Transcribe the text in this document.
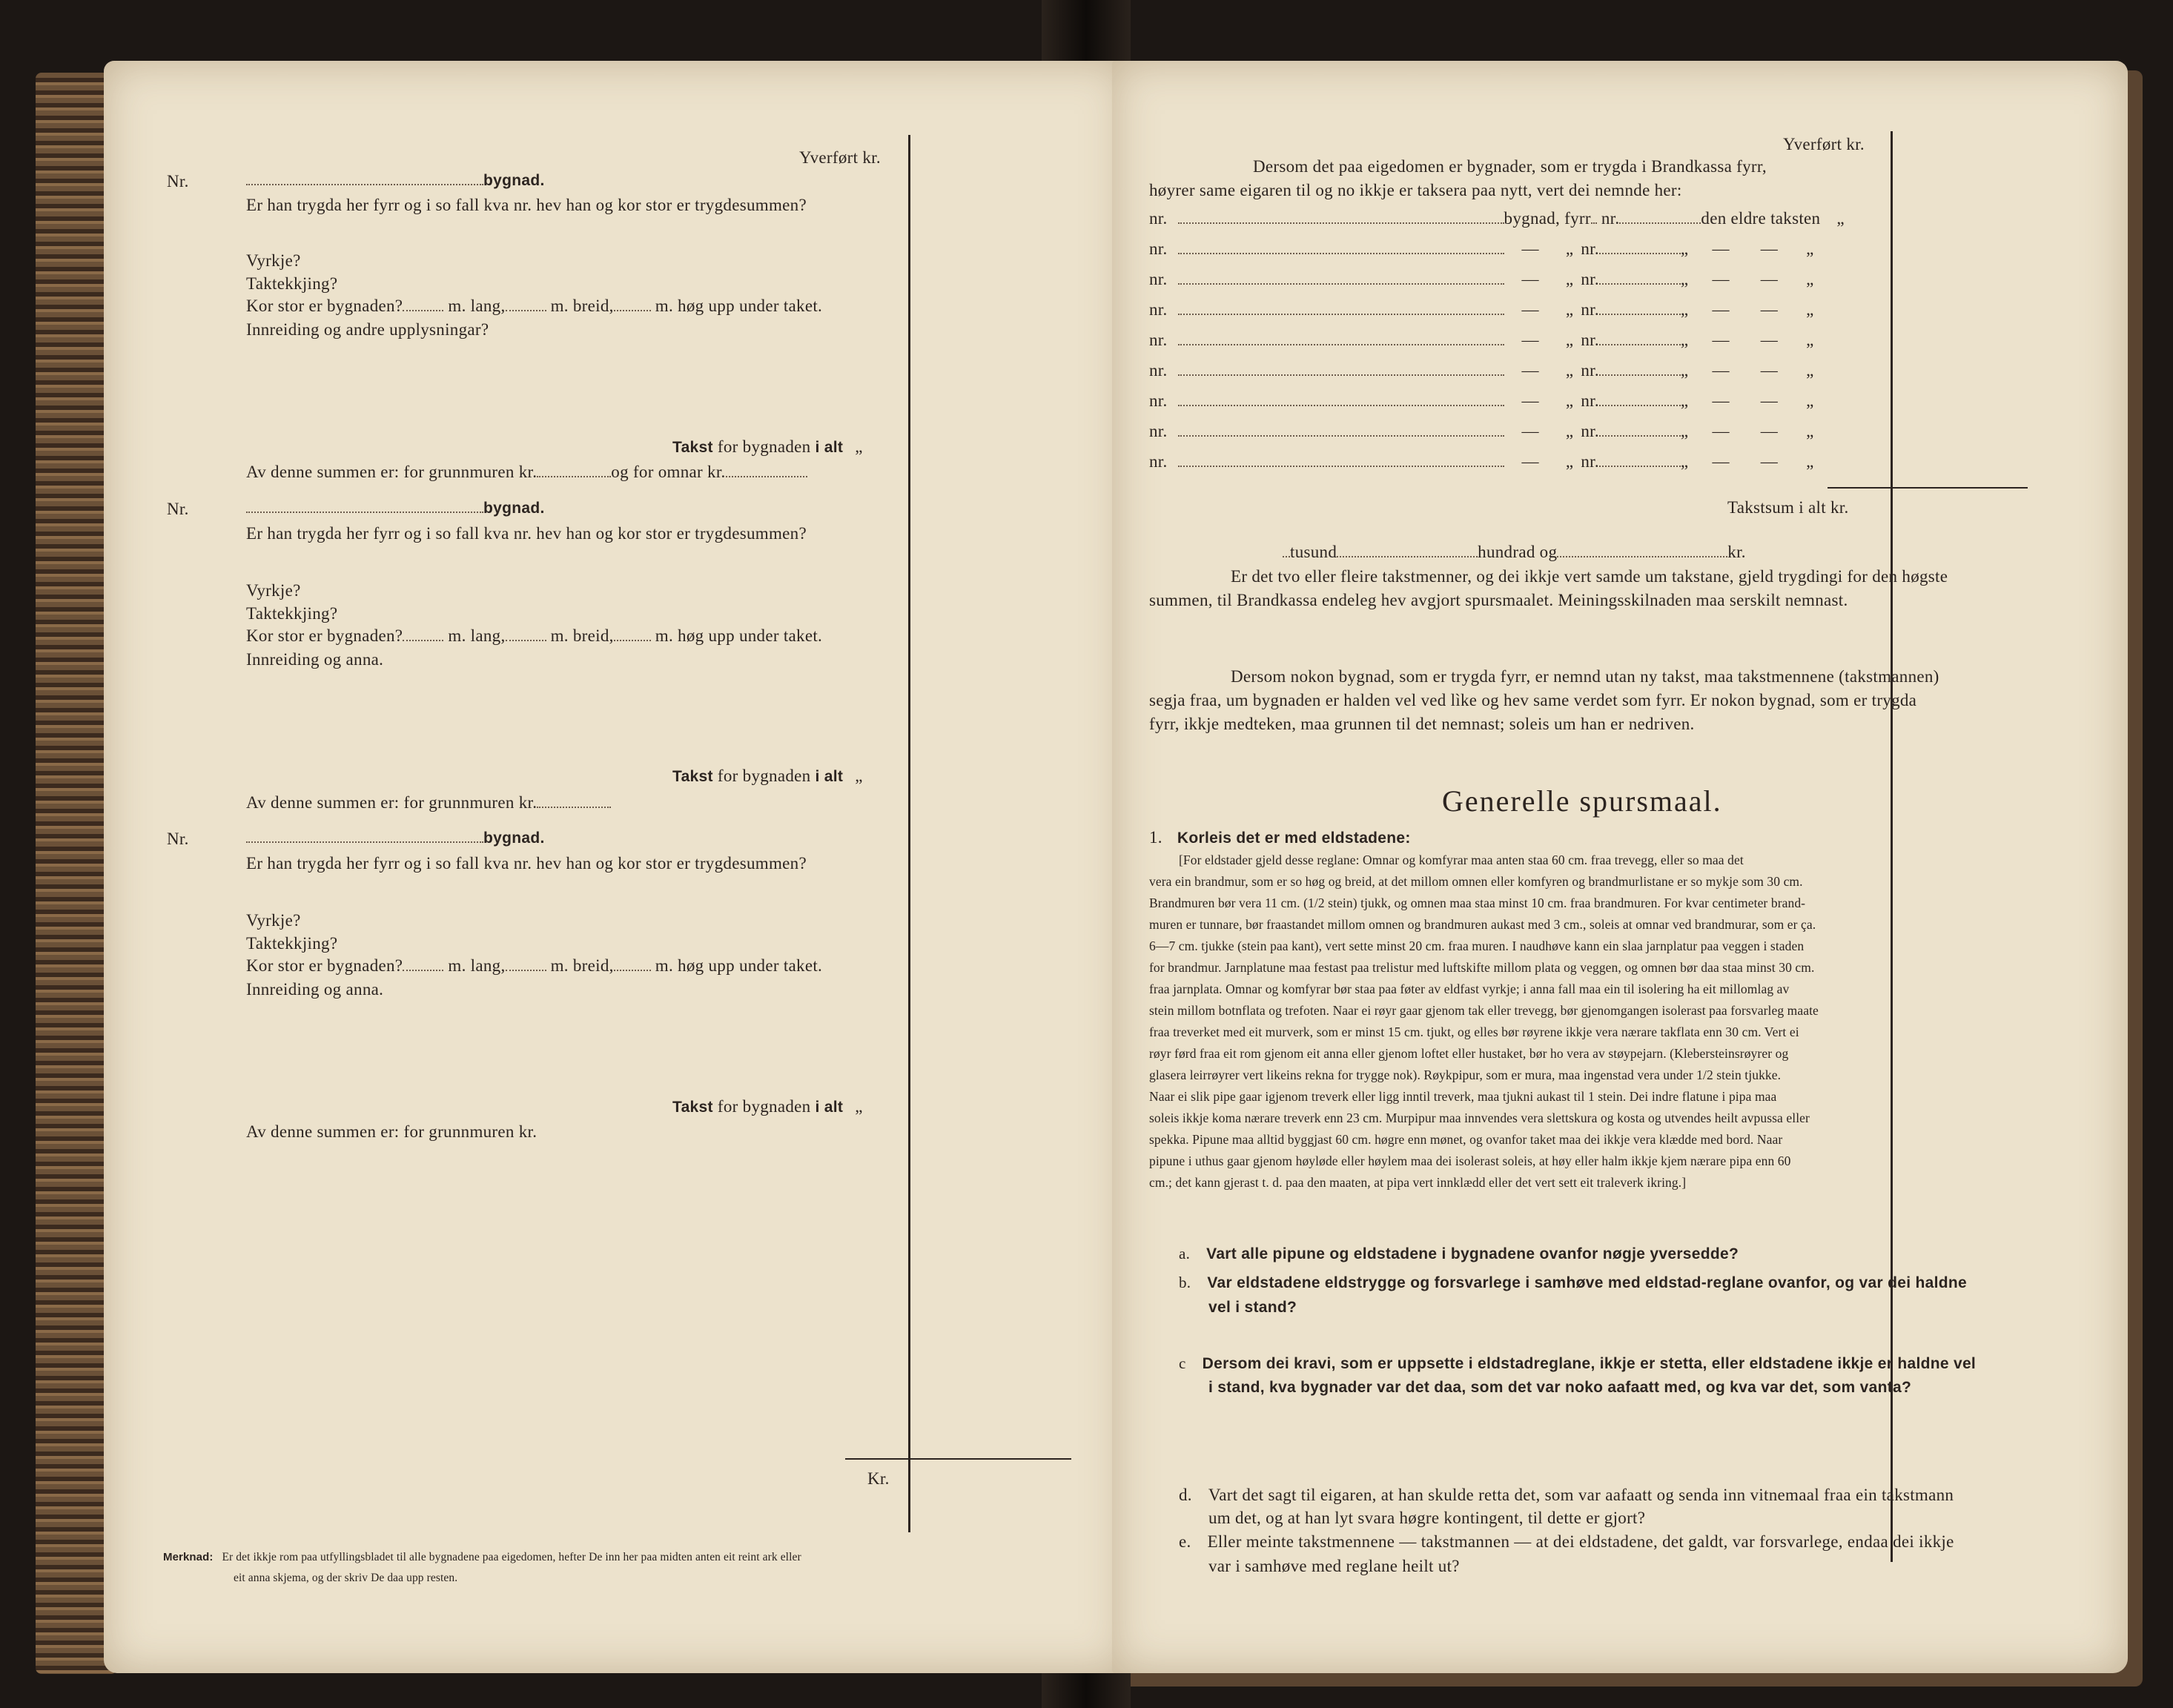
Yverført kr.
Nr.	bygnad.
Er han trygda her fyrr og i so fall kva nr. hev han og kor stor er trygdesummen?
Vyrkje?
Taktekkjing?
Kor stor er bygnaden?	m. lang,	m. breid, m. høg upp under taket.
Innreiding og andre upplysningar?
Takst for bygnaden i alt „
Av denne summen er: for grunnmuren kr.	og for omnar kr.
Nr.	bygnad.
Er han trygda her fyrr og i so fall kva nr. hev han og kor stor er trygdesummen?
Vyrkje?
Taktekkjing?
Kor stor er bygnaden?	m. lang,	m. breid, m. høg upp under taket.
Innreiding og anna.
Takst for bygnaden i alt „
Av denne summen er: for grunnmuren kr.
Nr.	bygnad.
Er han trygda her fyrr og i so fall kva nr. hev han og kor stor er trygdesummen?
Vyrkje?
Taktekkjing?
Kor stor er bygnaden?	m. lang,	m. breid, m. høg upp under taket.
Innreiding og anna.
Takst for bygnaden i alt „
Av denne summen er: for grunnmuren kr.
Kr.
Merknad: Er det ikkje rom paa utfyllingsbladet til alle bygnadene paa eigedomen, hefter De inn her paa midten anten eit reint ark eller
eit anna skjema, og der skriv De daa upp resten.
Yverført kr.
Dersom det paa eigedomen er bygnader, som er trygda i Brandkassa fyrr,
høyrer same eigaren til og no ikkje er taksera paa nytt, vert dei nemnde her:
nr.	bygnad, fyrr nr.	den eldre taksten „
nr.	— „ nr.	„ — — „
nr.	— „ nr.	„ — — „
nr.	— „ nr.	„ — — „
nr.	— „ nr.	„ — — „
nr.	— „ nr.	„ — — „
nr.	— „ nr.	„ — — „
nr.	— „ nr.	„ — — „
nr.	— „ nr.	„ — — „
Takstsum i alt kr.
tusund	hundrad og	kr.
Er det tvo eller fleire takstmenner, og dei ikkje vert samde um takstane, gjeld trygdingi for den høgste
summen, til Brandkassa endeleg hev avgjort spursmaalet. Meiningsskilnaden maa serskilt nemnast.
Dersom nokon bygnad, som er trygda fyrr, er nemnd utan ny takst, maa takstmennene (takstmannen)
segja fraa, um bygnaden er halden vel ved lìke og hev same verdet som fyrr. Er nokon bygnad, som er trygda
fyrr, ikkje medteken, maa grunnen til det nemnast; soleis um han er nedriven.
Generelle spursmaal.
1. Korleis det er med eldstadene:
[For eldstader gjeld desse reglane: Omnar og komfyrar maa anten staa 60 cm. fraa trevegg, eller so maa det
vera ein brandmur, som er so høg og breid, at det millom omnen eller komfyren og brandmurlistane er so mykje som 30 cm.
Brandmuren bør vera 11 cm. (1/2 stein) tjukk, og omnen maa staa minst 10 cm. fraa brandmuren. For kvar centimeter brand-
muren er tunnare, bør fraastandet millom omnen og brandmuren aukast med 3 cm., soleis at omnar ved brandmurar, som er ça.
6—7 cm. tjukke (stein paa kant), vert sette minst 20 cm. fraa muren. I naudhøve kann ein slaa jarnplatur paa veggen i staden
for brandmur. Jarnplatune maa festast paa trelistur med luftskifte millom plata og veggen, og omnen bør daa staa minst 30 cm.
fraa jarnplata. Omnar og komfyrar bør staa paa føter av eldfast vyrkje; i anna fall maa ein til isolering ha eit millomlag av
stein millom botnflata og trefoten. Naar ei røyr gaar gjenom tak eller trevegg, bør gjenomgangen isolerast paa forsvarleg maate
fraa treverket med eit murverk, som er minst 15 cm. tjukt, og elles bør røyrene ikkje vera nærare takflata enn 30 cm. Vert ei
røyr førd fraa eit rom gjenom eit anna eller gjenom loftet eller hustaket, bør ho vera av støypejarn. (Klebersteinsrøyrer og
glasera leirrøyrer vert likeins rekna for trygge nok). Røykpipur, som er mura, maa ingenstad vera under 1/2 stein tjukke.
Naar ei slik pipe gaar igjenom treverk eller ligg inntil treverk, maa tjukni aukast til 1 stein. Dei indre flatune i pipa maa
soleis ikkje koma nærare treverk enn 23 cm. Murpipur maa innvendes vera slettskura og kosta og utvendes heilt avpussa eller
spekka. Pipune maa alltid byggjast 60 cm. høgre enn mønet, og ovanfor taket maa dei ikkje vera klædde med bord. Naar
pipune i uthus gaar gjenom høyløde eller høylem maa dei isolerast soleis, at høy eller halm ikkje kjem nærare pipa enn 60
cm.; det kann gjerast t. d. paa den maaten, at pipa vert innklædd eller det vert sett eit traleverk ikring.]
a. Vart alle pipune og eldstadene i bygnadene ovanfor nøgje yversedde?
b. Var eldstadene eldstrygge og forsvarlege i samhøve med eldstad-reglane ovanfor, og var dei haldne
vel i stand?
c Dersom dei kravi, som er uppsette i eldstadreglane, ikkje er stetta, eller eldstadene ikkje er haldne vel
i stand, kva bygnader var det daa, som det var noko aafaatt med, og kva var det, som vanta?
d. Vart det sagt til eigaren, at han skulde retta det, som var aafaatt og senda inn vitnemaal fraa ein takstmann
um det, og at han lyt svara høgre kontingent, til dette er gjort?
e. Eller meinte takstmennene — takstmannen — at dei eldstadene, det galdt, var forsvarlege, endaa dei ikkje
var i samhøve med reglane heilt ut?
